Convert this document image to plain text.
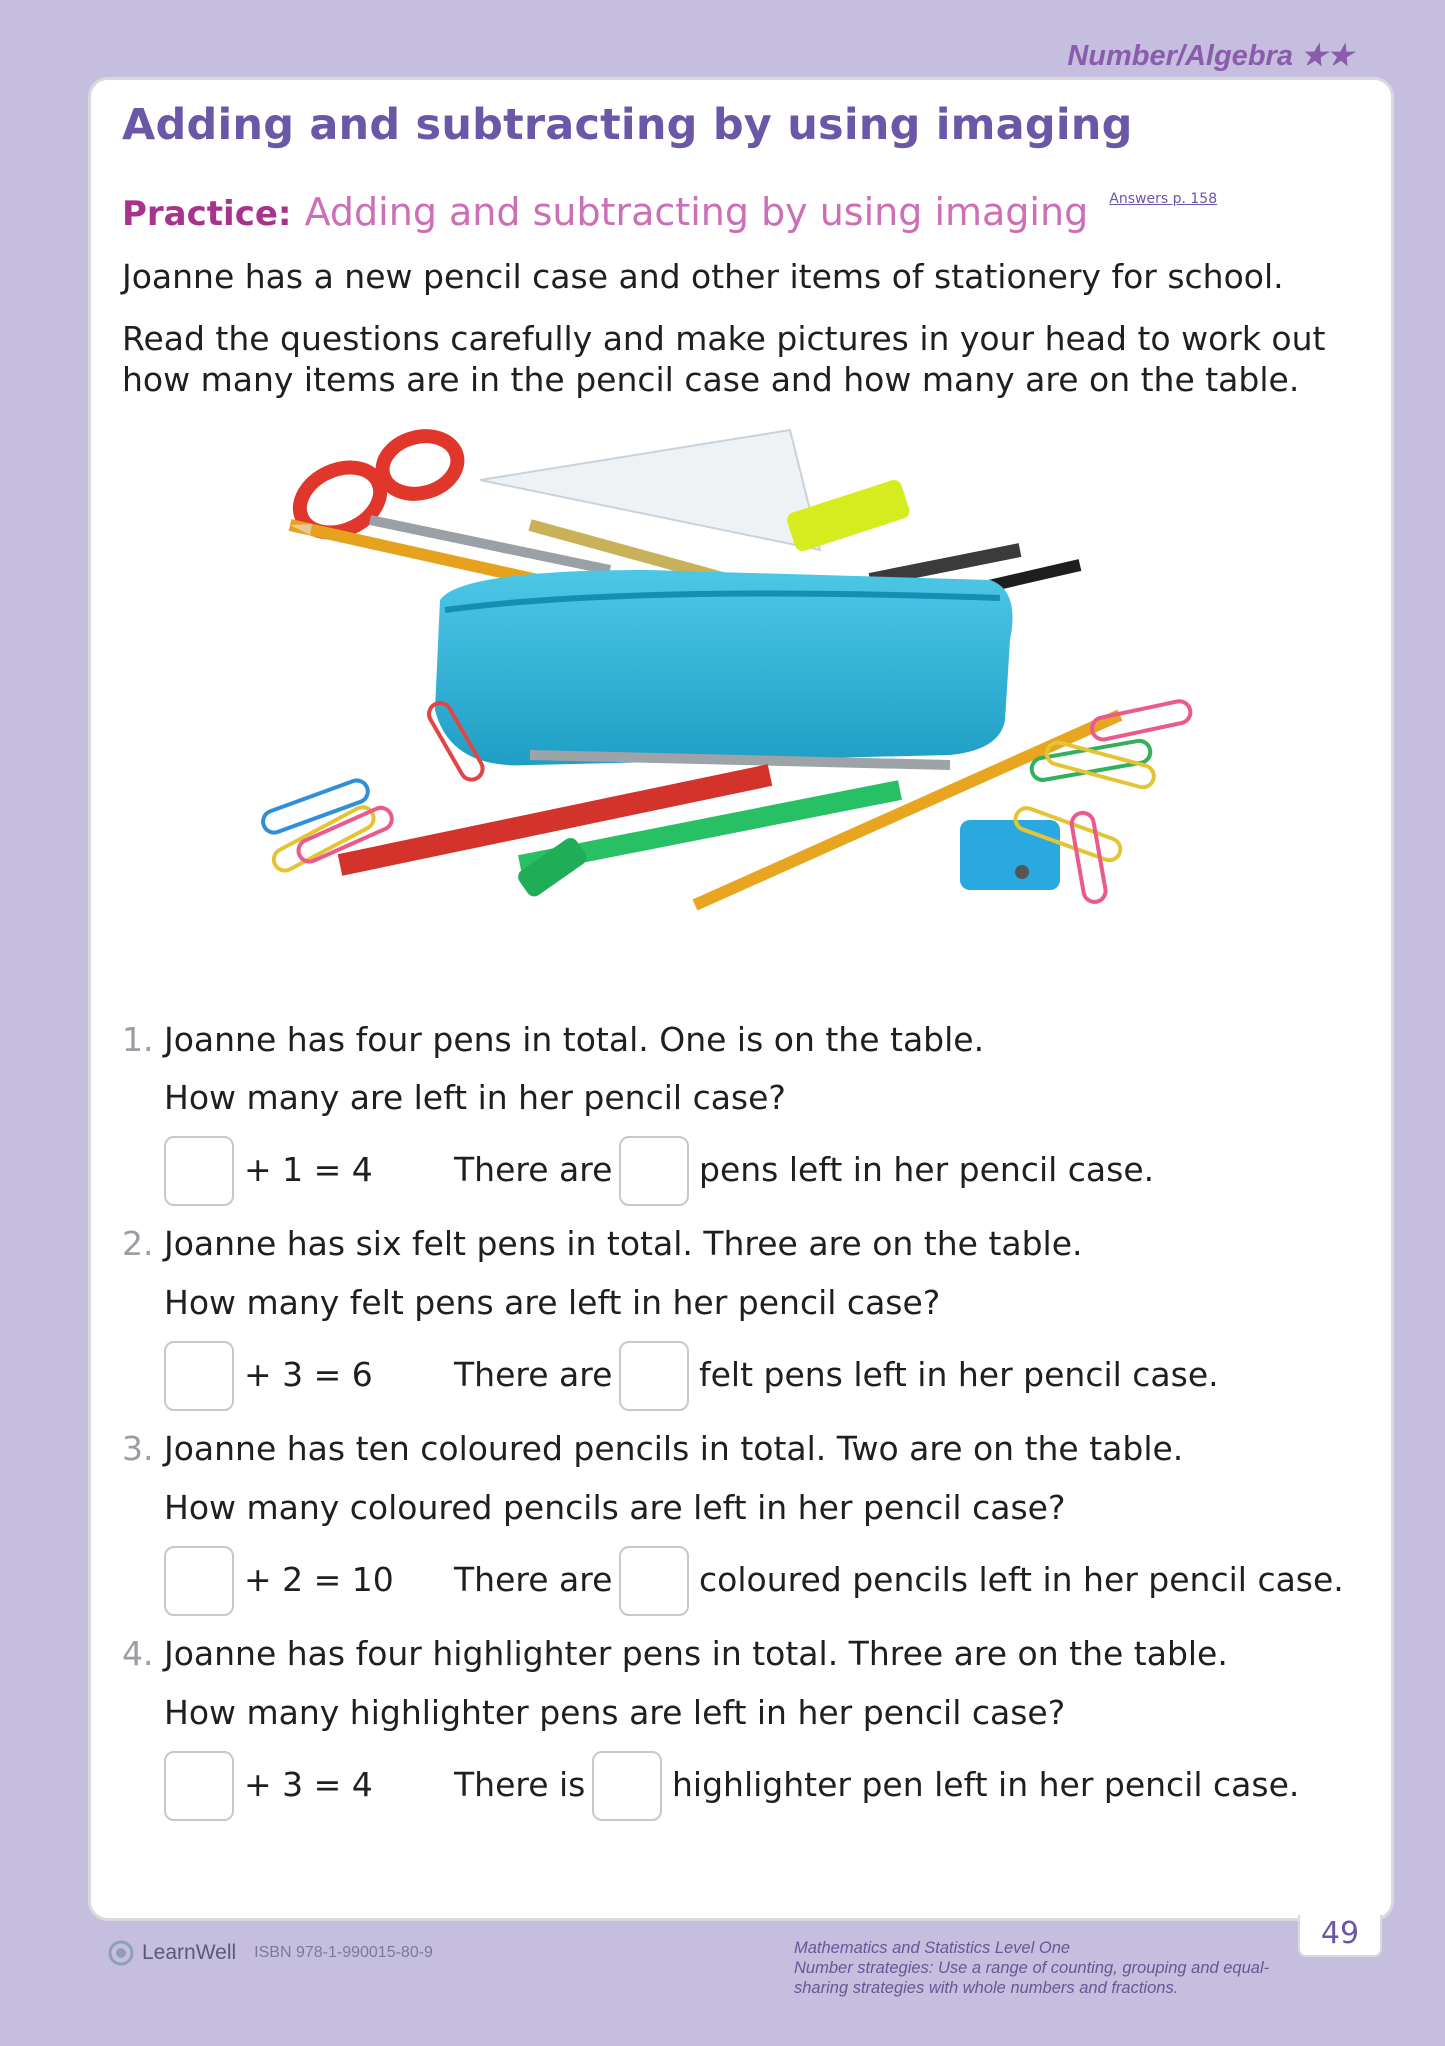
Number/Algebra ★★
Adding and subtracting by using imaging
Practice: Adding and subtracting by using imaging Answers p. 158
Joanne has a new pencil case and other items of stationery for school.
Read the questions carefully and make pictures in your head to work out how many items are in the pencil case and how many are on the table.
1. Joanne has four pens in total. One is on the table.
How many are left in her pencil case?
+ 1 = 4 There are	pens left in her pencil case.
2. Joanne has six felt pens in total. Three are on the table.
How many felt pens are left in her pencil case?
+ 3 = 6 There are	felt pens left in her pencil case.
3. Joanne has ten coloured pencils in total. Two are on the table.
How many coloured pencils are left in her pencil case?
+ 2 = 10 There are	coloured pencils left in her pencil case.
4. Joanne has four highlighter pens in total. Three are on the table.
How many highlighter pens are left in her pencil case?
+ 3 = 4 There is	highlighter pen left in her pencil case.
49
LearnWell ISBN 978-1-990015-80-9	Mathematics and Statistics Level One
Number strategies: Use a range of counting, grouping and equal-sharing strategies with whole numbers and fractions.
